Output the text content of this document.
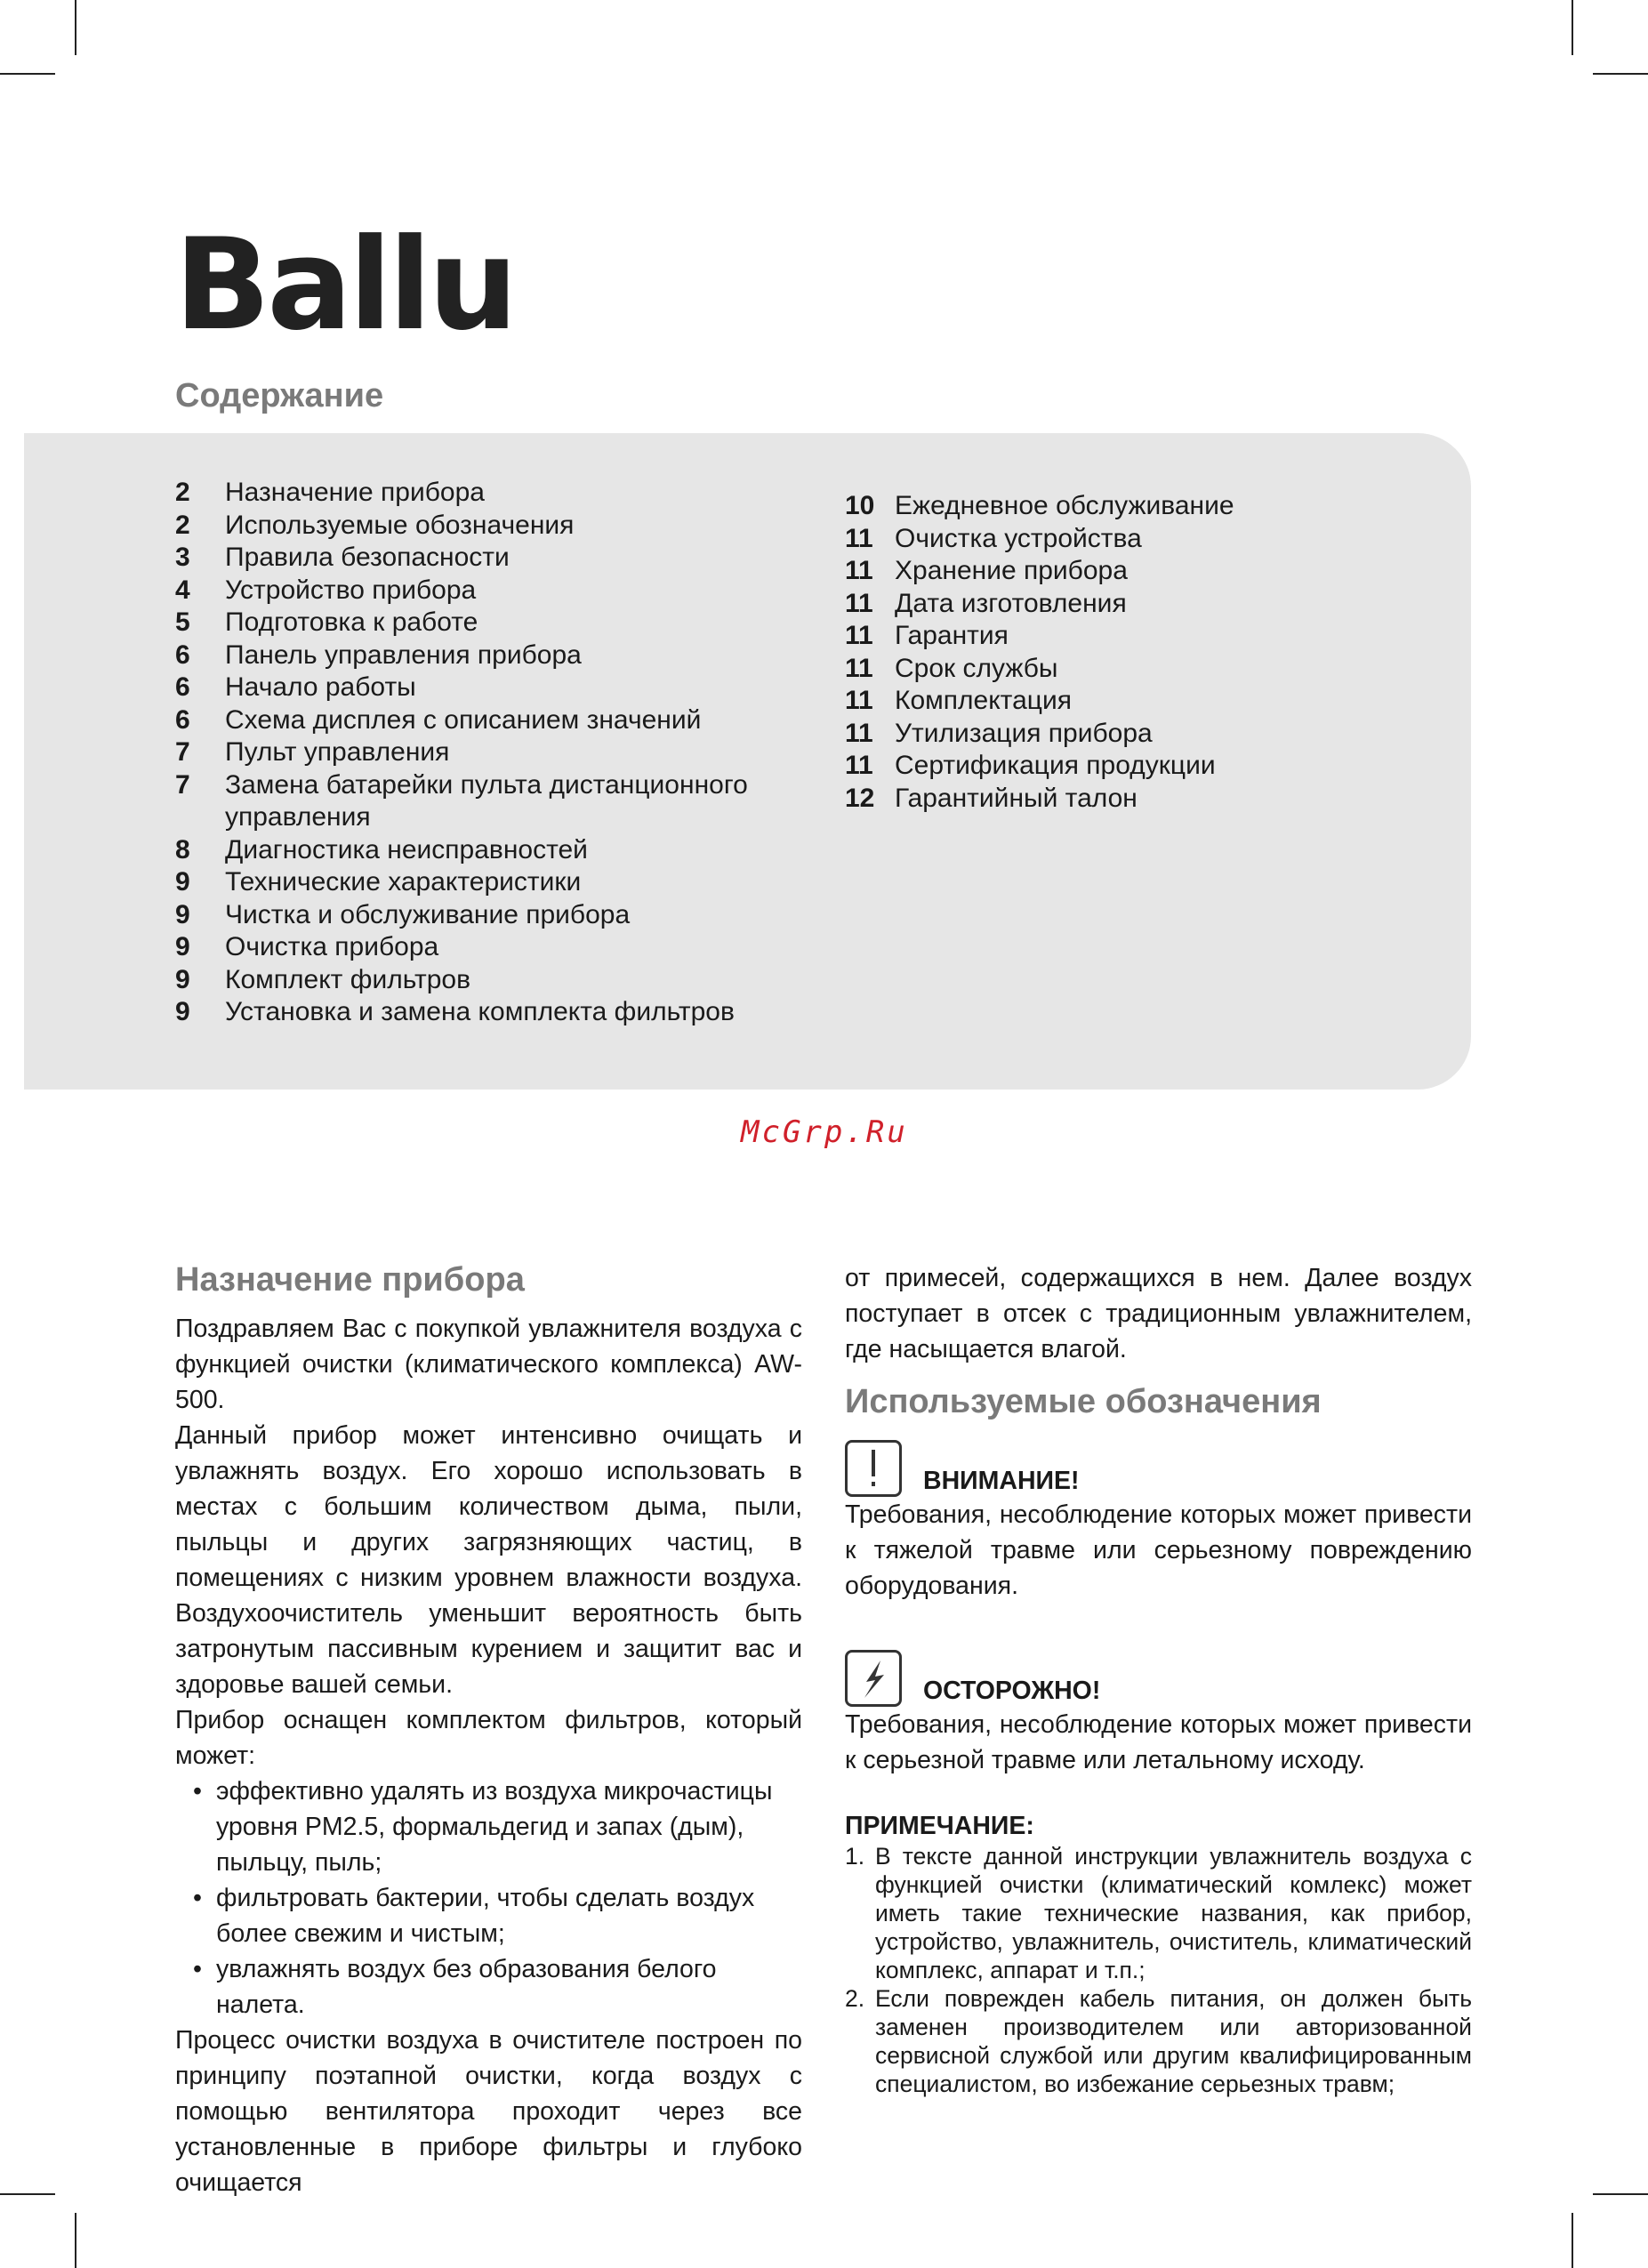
Ballu
Содержание
2	Назначение прибора
2	Используемые обозначения
3	Правила безопасности
4	Устройство прибора
5	Подготовка к работе
6	Панель управления прибора
6	Начало работы
6	Схема дисплея с описанием значений
7	Пульт управления
7	Замена батарейки пульта дистанционного управления
8	Диагностика неисправностей
9	Технические характеристики
9	Чистка и обслуживание прибора
9	Очистка прибора
9	Комплект фильтров
9	Установка и замена комплекта фильтров
10 Ежедневное обслуживание
11 Очистка устройства
11 Хранение прибора
11 Дата изготовления
11 Гарантия
11 Срок службы
11 Комплектация
11 Утилизация прибора
11 Сертификация продукции
12 Гарантийный талон
McGrp.Ru
Назначение прибора

Поздравляем Вас с покупкой увлажнителя воздуха с функцией очистки (климатического комплекса) AW-500.

Данный прибор может интенсивно очищать и увлажнять воздух. Его хорошо использовать в местах с большим количеством дыма, пыли, пыльцы и других загрязняющих частиц, в помещениях с низким уровнем влажности воздуха. Воздухоочиститель уменьшит вероятность быть затронутым пассивным курением и защитит вас и здоровье вашей семьи.

Прибор оснащен комплектом фильтров, который может:

• эффективно удалять из воздуха микрочастицы уровня PM2.5, формальдегид и запах (дым), пыльцу, пыль;
• фильтровать бактерии, чтобы сделать воздух более свежим и чистым;
• увлажнять воздух без образования белого налета.

Процесс очистки воздуха в очистителе построен по принципу поэтапной очистки, когда воздух с помощью вентилятора проходит через все установленные в приборе фильтры и глубоко очищается

от примесей, содержащихся в нем. Далее воздух поступает в отсек с традиционным увлажнителем, где насыщается влагой.

Используемые обозначения
ВНИМАНИЕ!

Требования, несоблюдение которых может привести к тяжелой травме или серьезному повреждению оборудования.

ОСТОРОЖНО!

Требования, несоблюдение которых может привести к серьезной травме или летальному исходу.

ПРИМЕЧАНИЕ:
1. В тексте данной инструкции увлажнитель воздуха с функцией очистки (климатический комлекс) может иметь такие технические названия, как прибор, устройство, увлажнитель, очиститель, климатический комплекс, аппарат и т.п.;
2. Если поврежден кабель питания, он должен быть заменен производителем или авторизованной сервисной службой или другим квалифицированным специалистом, во избежание серьезных травм;
